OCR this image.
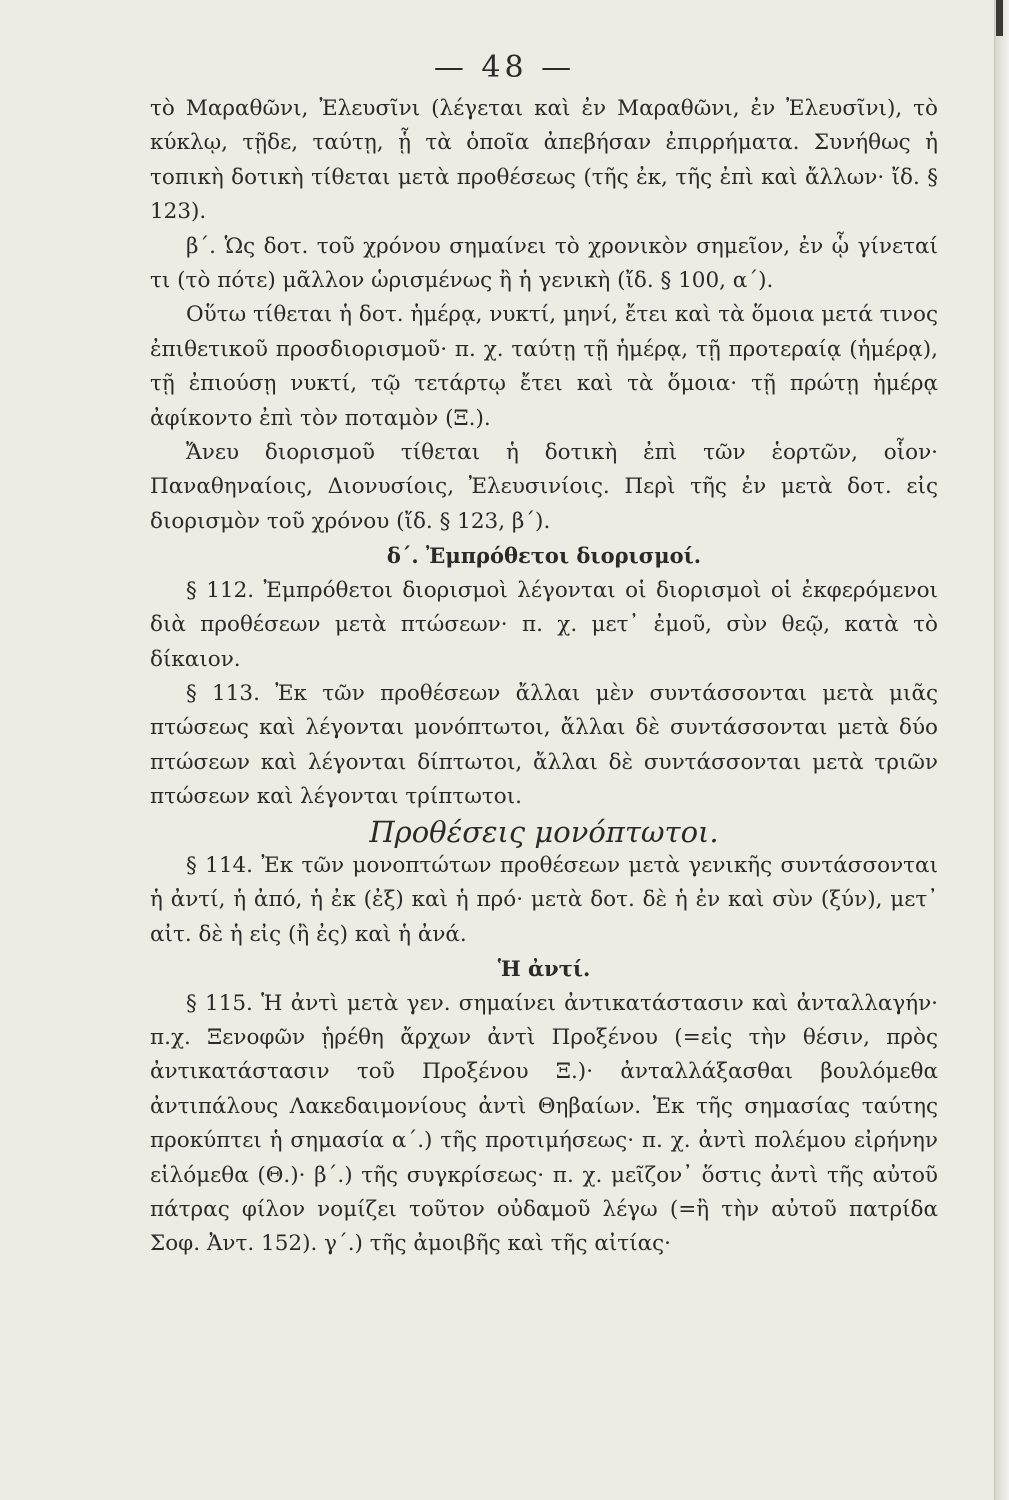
— 48 —

τὸ Μαραθῶνι, Ἐλευσῖνι (λέγεται καὶ ἐν Μαραθῶνι, ἐν Ἐλευσῖνι), τὸ κύκλῳ, τῇδε, ταύτῃ, ᾗ τὰ ὁποῖα ἀπεβήσαν ἐπιρρήματα. Συνήθως ἡ τοπικὴ δοτικὴ τίθεται μετὰ προθέσεως (τῆς ἐκ, τῆς ἐπὶ καὶ ἄλλων· ἴδ. § 123).

β΄. Ὡς δοτ. τοῦ χρόνου σημαίνει τὸ χρονικὸν σημεῖον, ἐν ᾧ γίνεταί τι (τὸ πότε) μᾶλλον ὡρισμένως ἢ ἡ γενικὴ (ἴδ. § 100, α΄).

Οὕτω τίθεται ἡ δοτ. ἡμέρᾳ, νυκτί, μηνί, ἔτει καὶ τὰ ὅμοια μετά τινος ἐπιθετικοῦ προσδιορισμοῦ· π. χ. ταύτῃ τῇ ἡμέρᾳ, τῇ προτεραίᾳ (ἡμέρᾳ), τῇ ἐπιούσῃ νυκτί, τῷ τετάρτῳ ἔτει καὶ τὰ ὅμοια· τῇ πρώτῃ ἡμέρᾳ ἀφίκοντο ἐπὶ τὸν ποταμὸν (Ξ.).

Ἄνευ διορισμοῦ τίθεται ἡ δοτικὴ ἐπὶ τῶν ἑορτῶν, οἷον· Παναθηναίοις, Διονυσίοις, Ἐλευσινίοις. Περὶ τῆς ἐν μετὰ δοτ. εἰς διορισμὸν τοῦ χρόνου (ἴδ. § 123, β΄).

δ΄. Ἐμπρόθετοι διορισμοί.

§ 112. Ἐμπρόθετοι διορισμοὶ λέγονται οἱ διορισμοὶ οἱ ἐκφερόμενοι διὰ προθέσεων μετὰ πτώσεων· π. χ. μετ᾽ ἐμοῦ, σὺν θεῷ, κατὰ τὸ δίκαιον.

§ 113. Ἐκ τῶν προθέσεων ἄλλαι μὲν συντάσσονται μετὰ μιᾶς πτώσεως καὶ λέγονται μονόπτωτοι, ἄλλαι δὲ συντάσσονται μετὰ δύο πτώσεων καὶ λέγονται δίπτωτοι, ἄλλαι δὲ συντάσσονται μετὰ τριῶν πτώσεων καὶ λέγονται τρίπτωτοι.

Προθέσεις μονόπτωτοι.

§ 114. Ἐκ τῶν μονοπτώτων προθέσεων μετὰ γενικῆς συντάσσονται ἡ ἀντί, ἡ ἀπό, ἡ ἐκ (ἐξ) καὶ ἡ πρό· μετὰ δοτ. δὲ ἡ ἐν καὶ σὺν (ξύν), μετ᾽ αἰτ. δὲ ἡ εἰς (ἢ ἐς) καὶ ἡ ἀνά.

Ἡ ἀντί.

§ 115. Ἡ ἀντὶ μετὰ γεν. σημαίνει ἀντικατάστασιν καὶ ἀνταλλαγήν· π.χ. Ξενοφῶν ᾑρέθη ἄρχων ἀντὶ Προξένου (=εἰς τὴν θέσιν, πρὸς ἀντικατάστασιν τοῦ Προξένου Ξ.)· ἀνταλλάξασθαι βουλόμεθα ἀντιπάλους Λακεδαιμονίους ἀντὶ Θηβαίων. Ἐκ τῆς σημασίας ταύτης προκύπτει ἡ σημασία α΄.) τῆς προτιμήσεως· π. χ. ἀντὶ πολέμου εἰρήνην εἱλόμεθα (Θ.)· β΄.) τῆς συγκρίσεως· π. χ. μεῖζον᾽ ὅστις ἀντὶ τῆς αὐτοῦ πάτρας φίλον νομίζει τοῦτον οὐδαμοῦ λέγω (=ἢ τὴν αὐτοῦ πατρίδα Σοφ. Ἀντ. 152). γ΄.) τῆς ἀμοιβῆς καὶ τῆς αἰτίας·
